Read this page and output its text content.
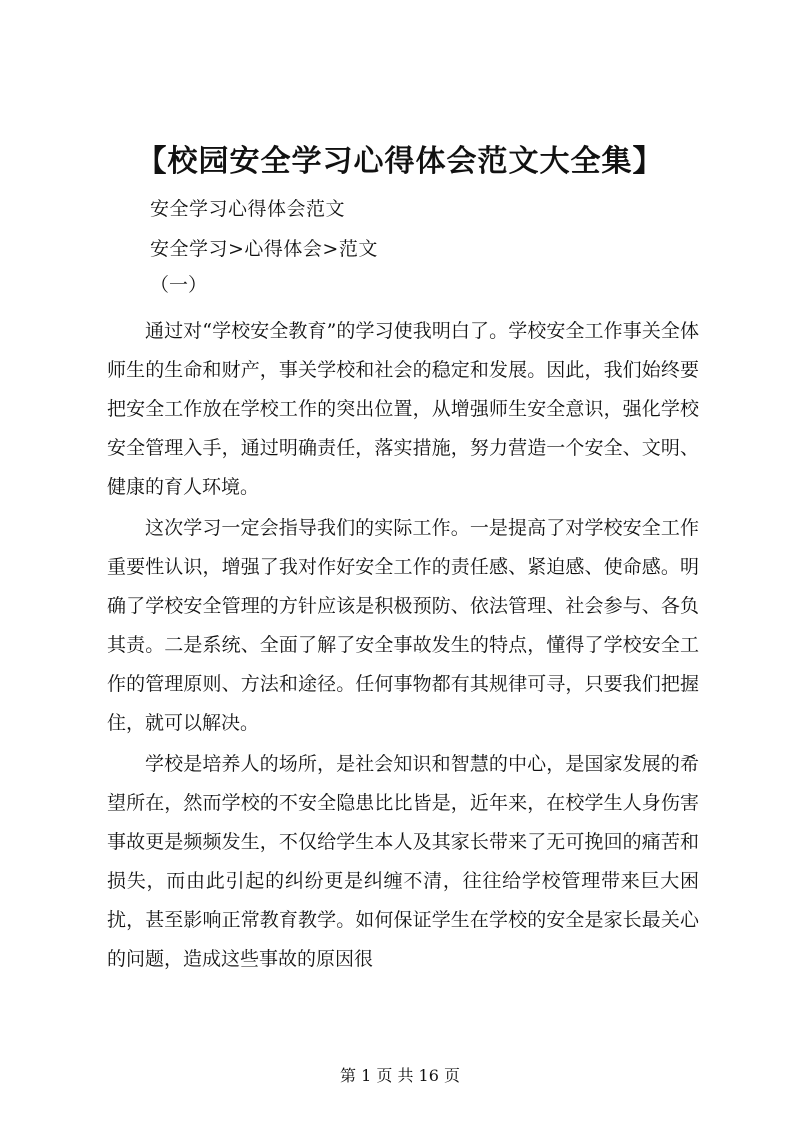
【校园安全学习心得体会范文大全集】
安全学习心得体会范文
安全学习>心得体会>范文
（一）

通过对“学校安全教育”的学习使我明白了。学校安全工作事关全体师生的生命和财产，事关学校和社会的稳定和发展。因此，我们始终要把安全工作放在学校工作的突出位置，从增强师生安全意识，强化学校安全管理入手，通过明确责任，落实措施，努力营造一个安全、文明、健康的育人环境。

这次学习一定会指导我们的实际工作。一是提高了对学校安全工作重要性认识，增强了我对作好安全工作的责任感、紧迫感、使命感。明确了学校安全管理的方针应该是积极预防、依法管理、社会参与、各负其责。二是系统、全面了解了安全事故发生的特点，懂得了学校安全工作的管理原则、方法和途径。任何事物都有其规律可寻，只要我们把握住，就可以解决。

学校是培养人的场所，是社会知识和智慧的中心，是国家发展的希望所在，然而学校的不安全隐患比比皆是，近年来，在校学生人身伤害事故更是频频发生，不仅给学生本人及其家长带来了无可挽回的痛苦和损失，而由此引起的纠纷更是纠缠不清，往往给学校管理带来巨大困扰，甚至影响正常教育教学。如何保证学生在学校的安全是家长最关心的问题，造成这些事故的原因很

第 1 页 共 16 页
